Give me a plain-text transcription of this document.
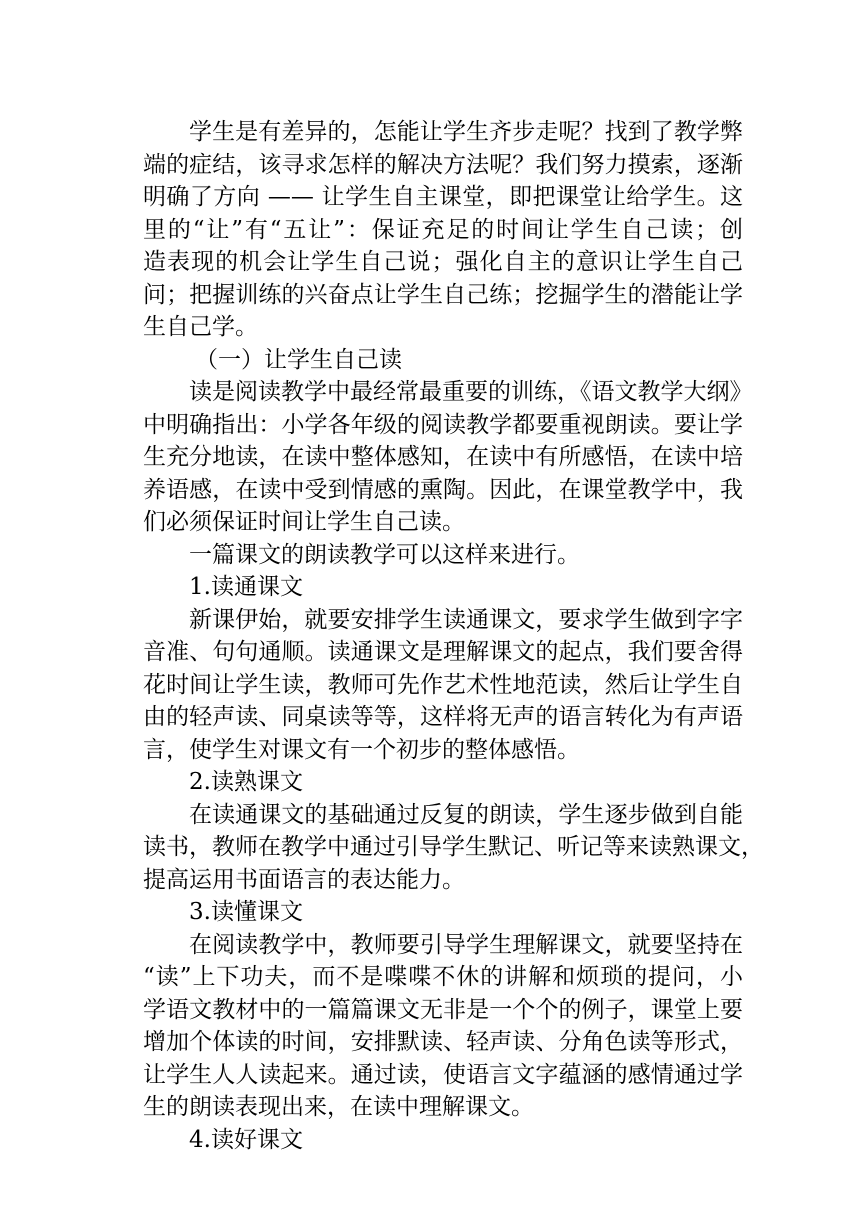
学生是有差异的，怎能让学生齐步走呢？找到了教学弊
端的症结，该寻求怎样的解决方法呢？我们努力摸索，逐渐
明确了方向 —— 让学生自主课堂，即把课堂让给学生。这
里的“让”有“五让”：保证充足的时间让学生自己读；创
造表现的机会让学生自己说；强化自主的意识让学生自己
问；把握训练的兴奋点让学生自己练；挖掘学生的潜能让学
生自己学。
（一）让学生自己读
读是阅读教学中最经常最重要的训练，《语文教学大纲》
中明确指出：小学各年级的阅读教学都要重视朗读。要让学
生充分地读，在读中整体感知，在读中有所感悟，在读中培
养语感，在读中受到情感的熏陶。因此，在课堂教学中，我
们必须保证时间让学生自己读。
一篇课文的朗读教学可以这样来进行。
1.读通课文
新课伊始，就要安排学生读通课文，要求学生做到字字
音准、句句通顺。读通课文是理解课文的起点，我们要舍得
花时间让学生读，教师可先作艺术性地范读，然后让学生自
由的轻声读、同桌读等等，这样将无声的语言转化为有声语
言，使学生对课文有一个初步的整体感悟。
2.读熟课文
在读通课文的基础通过反复的朗读，学生逐步做到自能
读书，教师在教学中通过引导学生默记、听记等来读熟课文，
提高运用书面语言的表达能力。
3.读懂课文
在阅读教学中，教师要引导学生理解课文，就要坚持在
“读”上下功夫，而不是喋喋不休的讲解和烦琐的提问，小
学语文教材中的一篇篇课文无非是一个个的例子，课堂上要
增加个体读的时间，安排默读、轻声读、分角色读等形式，
让学生人人读起来。通过读，使语言文字蕴涵的感情通过学
生的朗读表现出来，在读中理解课文。
4.读好课文
